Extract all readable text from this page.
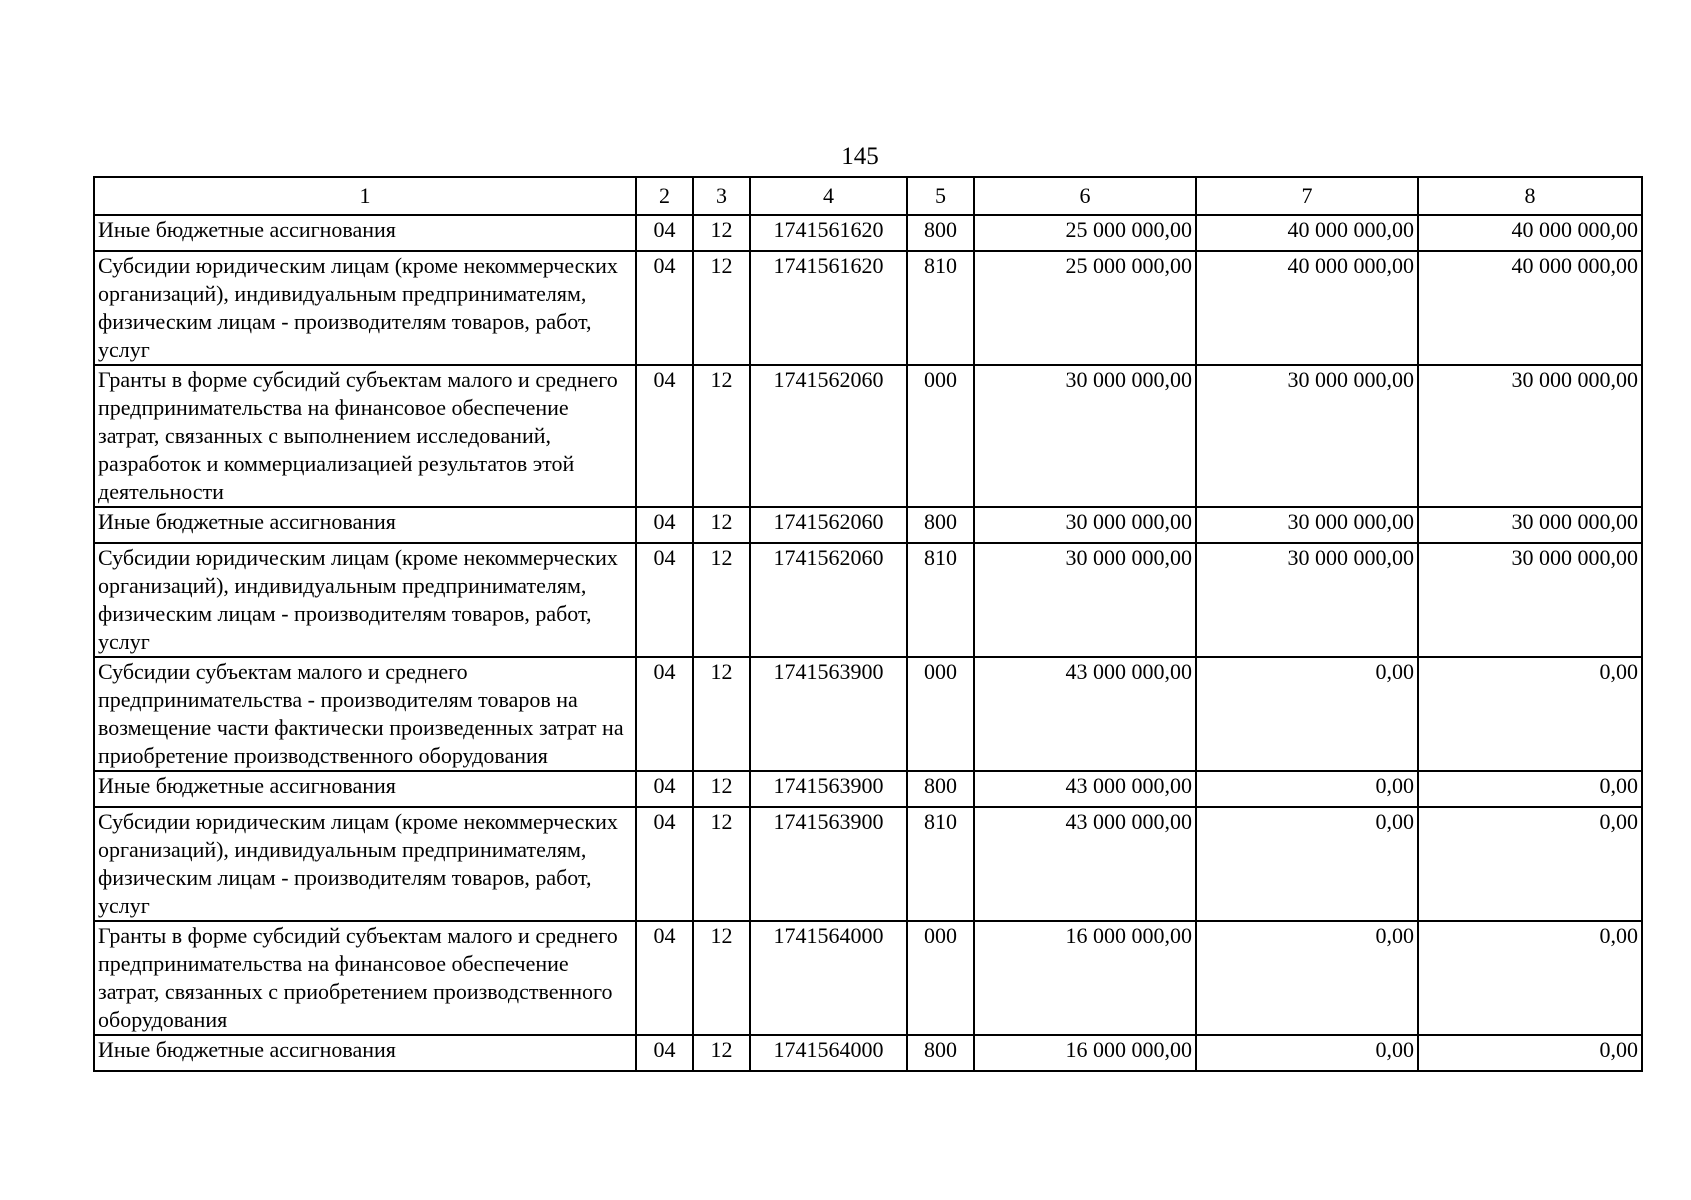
145
1	2	3	4	5	6	7	8
Иные бюджетные ассигнования	04	12	1741561620	800	25 000 000,00	40 000 000,00	40 000 000,00
Субсидии юридическим лицам (кроме некоммерческих организаций), индивидуальным предпринимателям, физическим лицам - производителям товаров, работ, услуг	04	12	1741561620	810	25 000 000,00	40 000 000,00	40 000 000,00
Гранты в форме субсидий субъектам малого и среднего предпринимательства на финансовое обеспечение затрат, связанных с выполнением исследований, разработок и коммерциализацией результатов этой деятельности	04	12	1741562060	000	30 000 000,00	30 000 000,00	30 000 000,00
Иные бюджетные ассигнования	04	12	1741562060	800	30 000 000,00	30 000 000,00	30 000 000,00
Субсидии юридическим лицам (кроме некоммерческих организаций), индивидуальным предпринимателям, физическим лицам - производителям товаров, работ, услуг	04	12	1741562060	810	30 000 000,00	30 000 000,00	30 000 000,00
Субсидии субъектам малого и среднего предпринимательства - производителям товаров на возмещение части фактически произведенных затрат на приобретение производственного оборудования	04	12	1741563900	000	43 000 000,00	0,00	0,00
Иные бюджетные ассигнования	04	12	1741563900	800	43 000 000,00	0,00	0,00
Субсидии юридическим лицам (кроме некоммерческих организаций), индивидуальным предпринимателям, физическим лицам - производителям товаров, работ, услуг	04	12	1741563900	810	43 000 000,00	0,00	0,00
Гранты в форме субсидий субъектам малого и среднего предпринимательства на финансовое обеспечение затрат, связанных с приобретением производственного оборудования	04	12	1741564000	000	16 000 000,00	0,00	0,00
Иные бюджетные ассигнования	04	12	1741564000	800	16 000 000,00	0,00	0,00
